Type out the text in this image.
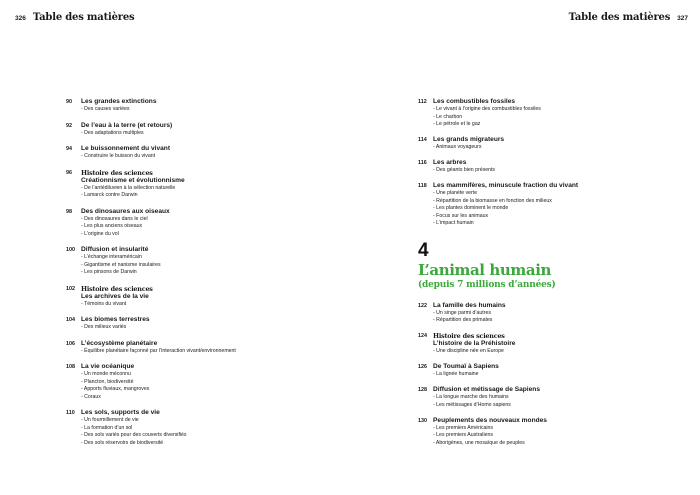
326 Table des matières	Table des matières 327
90 Les grandes extinctions
- Des causes variées
92 De l’eau à la terre (et retours)
- Des adaptations multiples
94 Le buissonnement du vivant
- Construire le buisson du vivant
96 Histoire des sciences
Créationnisme et évolutionnisme
- De l’antédiluvien à la sélection naturelle
- Lamarck contre Darwin
98 Des dinosaures aux oiseaux
- Des dinosaures dans le ciel
- Les plus anciens oiseaux
- L’origine du vol
100 Diffusion et insularité
- L’échange interaméricain
- Gigantisme et nanisme insulaires
- Les pinsons de Darwin
102 Histoire des sciences
Les archives de la vie
- Témoins du vivant
104 Les biomes terrestres
- Des milieux variés
106 L’écosystème planétaire
- Équilibre planétaire façonné par l’interaction vivant/environnement
108 La vie océanique
- Un monde méconnu
- Plancton, biodiversité
- Apports fluviaux, mangroves
- Coraux
110 Les sols, supports de vie
- Un fourmillement de vie
- La formation d’un sol
- Des sols variés pour des couverts diversifiés
- Des sols réservoirs de biodiversité
112 Les combustibles fossiles
- Le vivant à l’origine des combustibles fossiles
- Le charbon
- Le pétrole et le gaz
114 Les grands migrateurs
- Animaux voyageurs
116 Les arbres
- Des géants bien présents
118 Les mammifères, minuscule fraction du vivant
- Une planète verte
- Répartition de la biomasse en fonction des milieux
- Les plantes dominent le monde
- Focus sur les animaux
- L’impact humain
4
L’animal humain
(depuis 7 millions d’années)
122 La famille des humains
- Un singe parmi d’autres
- Répartition des primates
124 Histoire des sciences
L’histoire de la Préhistoire
- Une discipline née en Europe
126 De Toumaï à Sapiens
- La lignée humaine
128 Diffusion et métissage de Sapiens
- La longue marche des humains
- Les métissages d’Homo sapiens
130 Peuplements des nouveaux mondes
- Les premiers Américains
- Les premiers Australiens
- Aborigènes, une mosaïque de peuples
